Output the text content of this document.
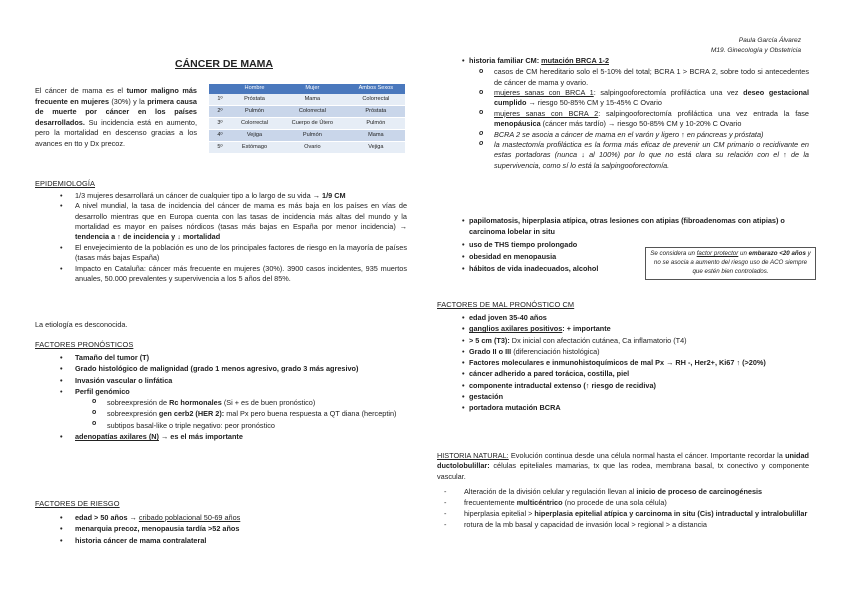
Paula García Álvarez
M19. Ginecología y Obstetricia
CÁNCER DE MAMA
El cáncer de mama es el tumor maligno más frecuente en mujeres (30%) y la primera causa de muerte por cáncer en los países desarrollados. Su incidencia está en aumento, pero la mortalidad en descenso gracias a los avances en tto y Dx precoz.
	Hombre	Mujer	Ambos Sexos
1º	Próstata	Mama	Colorrectal
2º	Pulmón	Colorrectal	Próstata
3º	Colorrectal	Cuerpo de Útero	Pulmón
4º	Vejiga	Pulmón	Mama
5º	Estómago	Ovario	Vejiga
EPIDEMIOLOGÍA
• 1/3 mujeres desarrollará un cáncer de cualquier tipo a lo largo de su vida → 1/9 CM
• A nivel mundial, la tasa de incidencia del cáncer de mama es más baja en los países en vías de desarrollo mientras que en Europa cuenta con las tasas de incidencia más altas del mundo y la mortalidad es mayor en países nórdicos (tasas más bajas en España por menor incidencia) → tendencia a ↑ de incidencia y ↓ mortalidad
• El envejecimiento de la población es uno de los principales factores de riesgo en la mayoría de países (tasas más bajas España)
• Impacto en Cataluña: cáncer más frecuente en mujeres (30%). 3900 casos incidentes, 935 muertos anuales, 50.000 prevalentes y supervivencia a los 5 años del 85%.
La etiología es desconocida.
FACTORES PRONÓSTICOS
• Tamaño del tumor (T)
• Grado histológico de malignidad (grado 1 menos agresivo, grado 3 más agresivo)
• Invasión vascular o linfática
• Perfil genómico
o sobreexpresión de Rc hormonales (Si + es de buen pronóstico)
o sobreexpresión gen cerb2 (HER 2): mal Px pero buena respuesta a QT diana (herceptin)
o subtipos basal-like o triple negativo: peor pronóstico
• adenopatías axilares (N) → es el más importante
FACTORES DE RIESGO
• edad > 50 años → cribado poblacional 50-69 años
• menarquia precoz, menopausia tardía >52 años
• historia cáncer de mama contralateral
• historia familiar CM: mutación BRCA 1-2
o casos de CM hereditario solo el 5-10% del total; BCRA 1 > BCRA 2, sobre todo si antecedentes de cáncer de mama y ovario.
o mujeres sanas con BRCA 1: salpingooforectomía profiláctica una vez deseo gestacional cumplido → riesgo 50-85% CM y 15-45% C Ovario
o mujeres sanas con BCRA 2: salpingooforectomía profiláctica una vez entrada la fase menopáusica (cáncer más tardío) → riesgo 50-85% CM y 10-20% C Ovario
o BCRA 2 se asocia a cáncer de mama en el varón y ligero ↑ en páncreas y próstata)
o la mastectomía profiláctica es la forma más eficaz de prevenir un CM primario o recidivante en estas portadoras (nunca ↓ al 100%) por lo que no está clara su relación con el ↑ de la supervivencia, como sí lo está la salpingooforectomía.
• papilomatosis, hiperplasia atípica, otras lesiones con atipias (fibroadenomas con atipias) o carcinoma lobelar in situ
• uso de THS tiempo prolongado
• obesidad en menopausia
• hábitos de vida inadecuados, alcohol
Se considera un factor protector un embarazo <20 años y no se asocia a aumento del riesgo uso de ACO siempre que estén bien controlados.
FACTORES DE MAL PRONÓSTICO CM
• edad joven 35-40 años
• ganglios axilares positivos: + importante
• > 5 cm (T3): Dx inicial con afectación cutánea, Ca inflamatorio (T4)
• Grado II o III (diferenciación histológica)
• Factores moleculares e inmunohistoquímicos de mal Px → RH -, Her2+, Ki67 ↑ (>20%)
• cáncer adherido a pared torácica, costilla, piel
• componente intraductal extenso (↑ riesgo de recidiva)
• gestación
• portadora mutación BCRA
HISTORIA NATURAL: Evolución continua desde una célula normal hasta el cáncer. Importante recordar la unidad ductolobulillar: células epiteliales mamarias, tx que las rodea, membrana basal, tx conectivo y componente vascular.
- Alteración de la división celular y regulación llevan al inicio de proceso de carcinogénesis
- frecuentemente multicéntrico (no procede de una sola célula)
- hiperplasia epitelial > hiperplasia epitelial atípica y carcinoma in situ (Cis) intraductal y intralobulillar
- rotura de la mb basal y capacidad de invasión local > regional > a distancia
